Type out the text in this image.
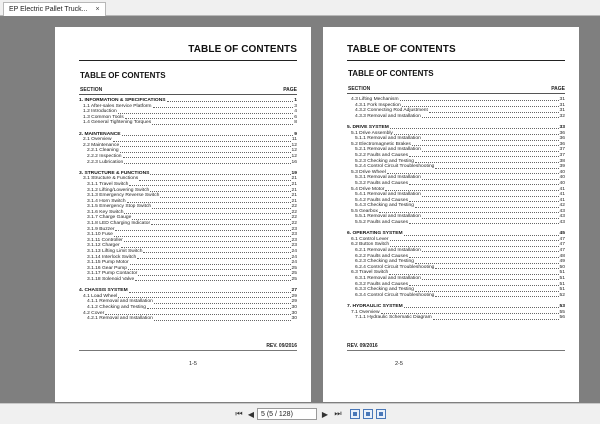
EP Electric Pallet Truck... ×
TABLE OF CONTENTS
TABLE OF CONTENTS
SECTION	PAGE
1. INFORMATION & SPECIFICATIONS	1
1.1 After-sales Service Platform	3
1.2 Introduction	4
1.3 Common Tools	6
1.4 General Tightening Torques	8
2. MAINTENANCE	9
2.1 Overview	11
2.2 Maintenance	12
2.2.1 Cleaning	12
2.2.2 Inspection	12
2.2.3 Lubrication	16
3. STRUCTURE & FUNCTIONS	19
3.1 Structure & Functions	21
3.1.1 Travel Switch	21
3.1.2 Lifting/Lowering Switch	21
3.1.3 Emergency Reverse Switch	21
3.1.4 Horn Switch	21
3.1.5 Emergency Stop Switch	22
3.1.6 Key Switch	22
3.1.7 Charge Gauge	22
3.1.8 LED Charging Indicator	22
3.1.9 Buzzer	23
3.1.10 Fuse	23
3.1.11 Controller	23
3.1.12 Charger	23
3.1.13 Lifting Limit Switch	24
3.1.14 Interlock Switch	24
3.1.15 Pump Motor	24
3.1.16 Gear Pump	25
3.1.17 Pump Contactor	25
3.1.18 Solenoid Valve	25
4. CHASSIS SYSTEM	27
4.1 Load Wheel	29
4.1.1 Removal and Installation	29
4.1.2 Checking and Testing	30
4.2 Cover	30
4.2.1 Removal and Installation	30
REV. 09/2016
1-5
TABLE OF CONTENTS
TABLE OF CONTENTS
SECTION	PAGE
4.3 Lifting Mechanism	31
4.3.1 Fork Inspection	31
4.3.2 Connecting Rod Adjustment	31
4.3.3 Removal and Installation	32
5. DRIVE SYSTEM	33
5.1 Drive Assembly	36
5.1.1 Removal and Installation	36
5.2 Electromagnetic Brakes	36
5.2.1 Removal and Installation	37
5.2.2 Faults and Causes	37
5.2.3 Checking and Testing	38
5.2.4 Control Circuit Troubleshooting	39
5.3 Drive Wheel	40
5.3.1 Removal and Installation	40
5.3.2 Faults and Causes	40
5.4 Drive Motor	41
5.4.1 Removal and Installation	41
5.4.2 Faults and Causes	41
5.4.3 Checking and Testing	42
5.5 Gearbox	43
5.5.1 Removal and Installation	43
5.5.2 Faults and Causes	43
6. OPERATING SYSTEM	45
6.1 Control Lever	47
6.2 Button Switch	47
6.2.1 Removal and Installation	47
6.2.2 Faults and Causes	48
6.2.3 Checking and Testing	49
6.2.4 Control Circuit Troubleshooting	50
6.3 Travel Switch	51
6.3.1 Removal and Installation	51
6.3.2 Faults and Causes	51
6.3.3 Checking and Testing	51
6.3.4 Control Circuit Troubleshooting	52
7. HYDRAULIC SYSTEM	53
7.1 Overview	55
7.1.1 Hydraulic Schematic Diagram	56
REV. 09/2016
2-5
⏮ ◀ 5 (5 / 128)	▶ ⏭
